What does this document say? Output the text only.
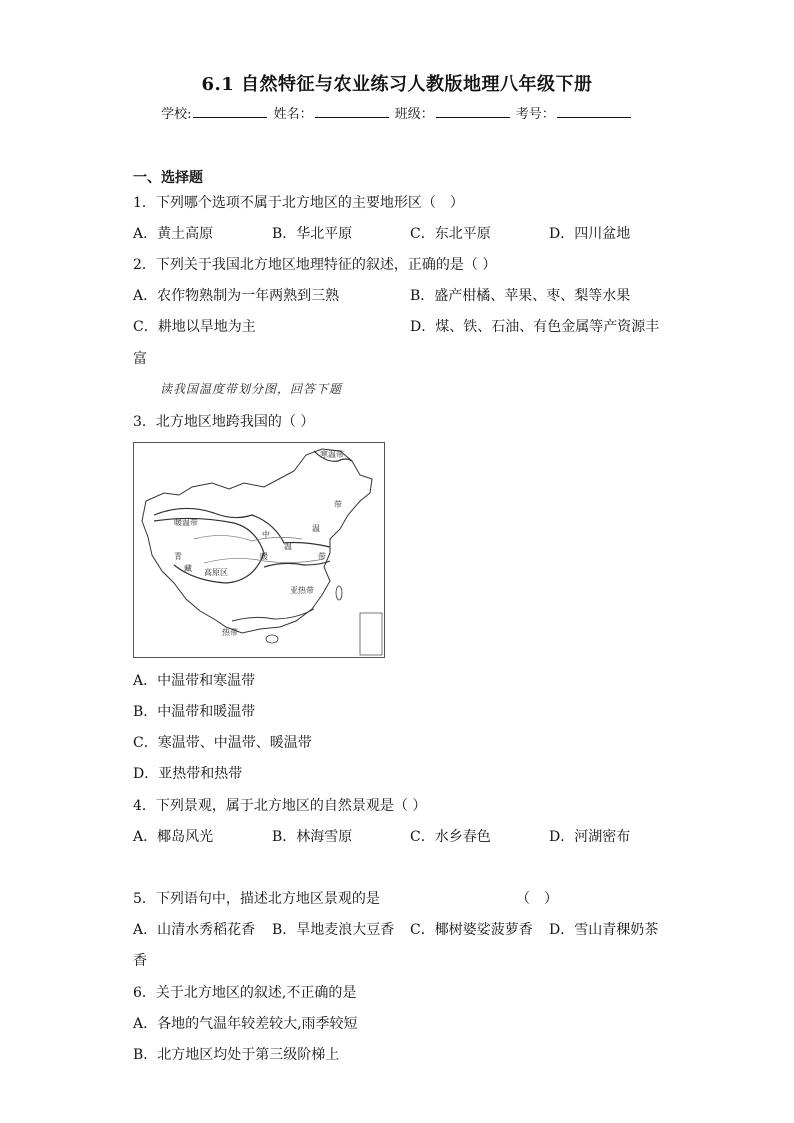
6.1 自然特征与农业练习人教版地理八年级下册
学校:	姓名：	班级：	考号：
一、选择题
1．下列哪个选项不属于北方地区的主要地形区（　）
A．黄土高原	B．华北平原	C．东北平原	D．四川盆地
2．下列关于我国北方地区地理特征的叙述，正确的是（ ）
A．农作物熟制为一年两熟到三熟	B．盛产柑橘、苹果、枣、梨等水果
C．耕地以旱地为主	D．煤、铁、石油、有色金属等产资源丰
富
读我国温度带划分图，回答下题
3．北方地区地跨我国的（ ）
寒温带
带
温
中
暖温带
暖
温
带
青
藏 高原区
亚热带
热带
A．中温带和寒温带
B．中温带和暖温带
C．寒温带、中温带、暖温带
D．亚热带和热带
4．下列景观，属于北方地区的自然景观是（ ）
A．椰岛风光	B．林海雪原	C．水乡春色	D．河湖密布
5．下列语句中，描述北方地区景观的是	（　）
A．山清水秀稻花香 B．旱地麦浪大豆香 C．椰树婆娑菠萝香 D．雪山青稞奶茶
香
6．关于北方地区的叙述,不正确的是
A．各地的气温年较差较大,雨季较短
B．北方地区均处于第三级阶梯上
